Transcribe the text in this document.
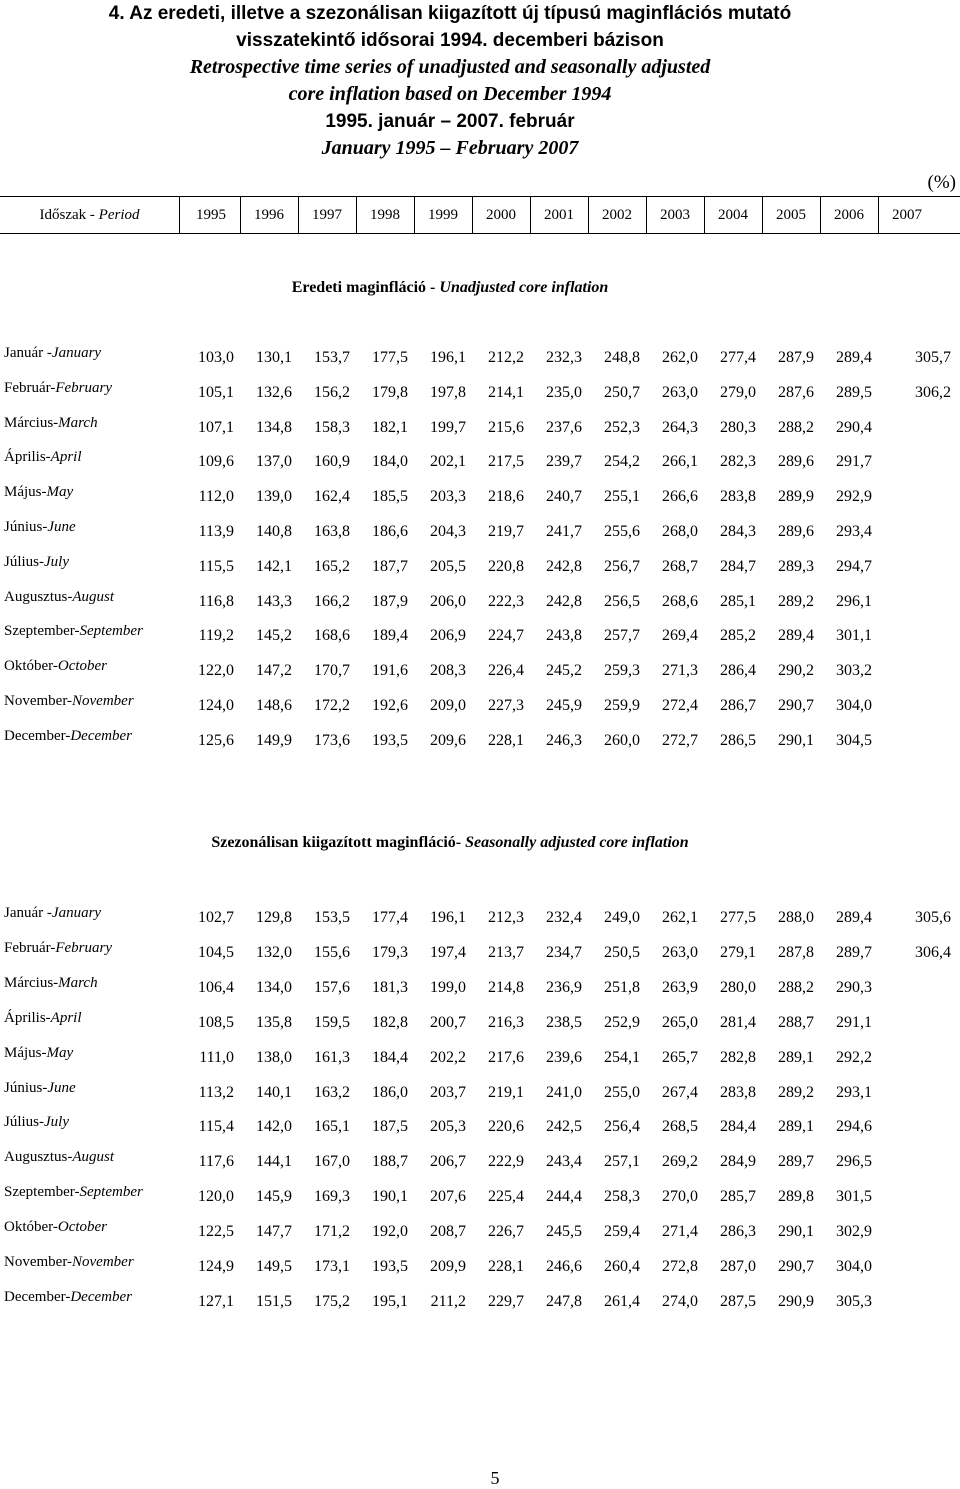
4. Az eredeti, illetve a szezonálisan kiigazított új típusú maginflációs mutató
visszatekintő idősorai 1994. decemberi bázison
Retrospective time series of unadjusted and seasonally adjusted
core inflation based on December 1994
1995. január – 2007. február
January 1995 – February 2007
(%)
Időszak - Period	1995	1996	1997	1998	1999	2000	2001	2002	2003	2004	2005	2006	2007
Eredeti maginfláció - Unadjusted core inflation
Január -January	103,0	130,1	153,7	177,5	196,1	212,2	232,3	248,8	262,0	277,4	287,9	289,4	305,7
Február-February	105,1	132,6	156,2	179,8	197,8	214,1	235,0	250,7	263,0	279,0	287,6	289,5	306,2
Március-March	107,1	134,8	158,3	182,1	199,7	215,6	237,6	252,3	264,3	280,3	288,2	290,4
Április-April	109,6	137,0	160,9	184,0	202,1	217,5	239,7	254,2	266,1	282,3	289,6	291,7
Május-May	112,0	139,0	162,4	185,5	203,3	218,6	240,7	255,1	266,6	283,8	289,9	292,9
Június-June	113,9	140,8	163,8	186,6	204,3	219,7	241,7	255,6	268,0	284,3	289,6	293,4
Július-July	115,5	142,1	165,2	187,7	205,5	220,8	242,8	256,7	268,7	284,7	289,3	294,7
Augusztus-August	116,8	143,3	166,2	187,9	206,0	222,3	242,8	256,5	268,6	285,1	289,2	296,1
Szeptember-September	119,2	145,2	168,6	189,4	206,9	224,7	243,8	257,7	269,4	285,2	289,4	301,1
Október-October	122,0	147,2	170,7	191,6	208,3	226,4	245,2	259,3	271,3	286,4	290,2	303,2
November-November	124,0	148,6	172,2	192,6	209,0	227,3	245,9	259,9	272,4	286,7	290,7	304,0
December-December	125,6	149,9	173,6	193,5	209,6	228,1	246,3	260,0	272,7	286,5	290,1	304,5
Szezonálisan kiigazított maginfláció- Seasonally adjusted core inflation
Január -January	102,7	129,8	153,5	177,4	196,1	212,3	232,4	249,0	262,1	277,5	288,0	289,4	305,6
Február-February	104,5	132,0	155,6	179,3	197,4	213,7	234,7	250,5	263,0	279,1	287,8	289,7	306,4
Március-March	106,4	134,0	157,6	181,3	199,0	214,8	236,9	251,8	263,9	280,0	288,2	290,3
Április-April	108,5	135,8	159,5	182,8	200,7	216,3	238,5	252,9	265,0	281,4	288,7	291,1
Május-May	111,0	138,0	161,3	184,4	202,2	217,6	239,6	254,1	265,7	282,8	289,1	292,2
Június-June	113,2	140,1	163,2	186,0	203,7	219,1	241,0	255,0	267,4	283,8	289,2	293,1
Július-July	115,4	142,0	165,1	187,5	205,3	220,6	242,5	256,4	268,5	284,4	289,1	294,6
Augusztus-August	117,6	144,1	167,0	188,7	206,7	222,9	243,4	257,1	269,2	284,9	289,7	296,5
Szeptember-September	120,0	145,9	169,3	190,1	207,6	225,4	244,4	258,3	270,0	285,7	289,8	301,5
Október-October	122,5	147,7	171,2	192,0	208,7	226,7	245,5	259,4	271,4	286,3	290,1	302,9
November-November	124,9	149,5	173,1	193,5	209,9	228,1	246,6	260,4	272,8	287,0	290,7	304,0
December-December	127,1	151,5	175,2	195,1	211,2	229,7	247,8	261,4	274,0	287,5	290,9	305,3
5
